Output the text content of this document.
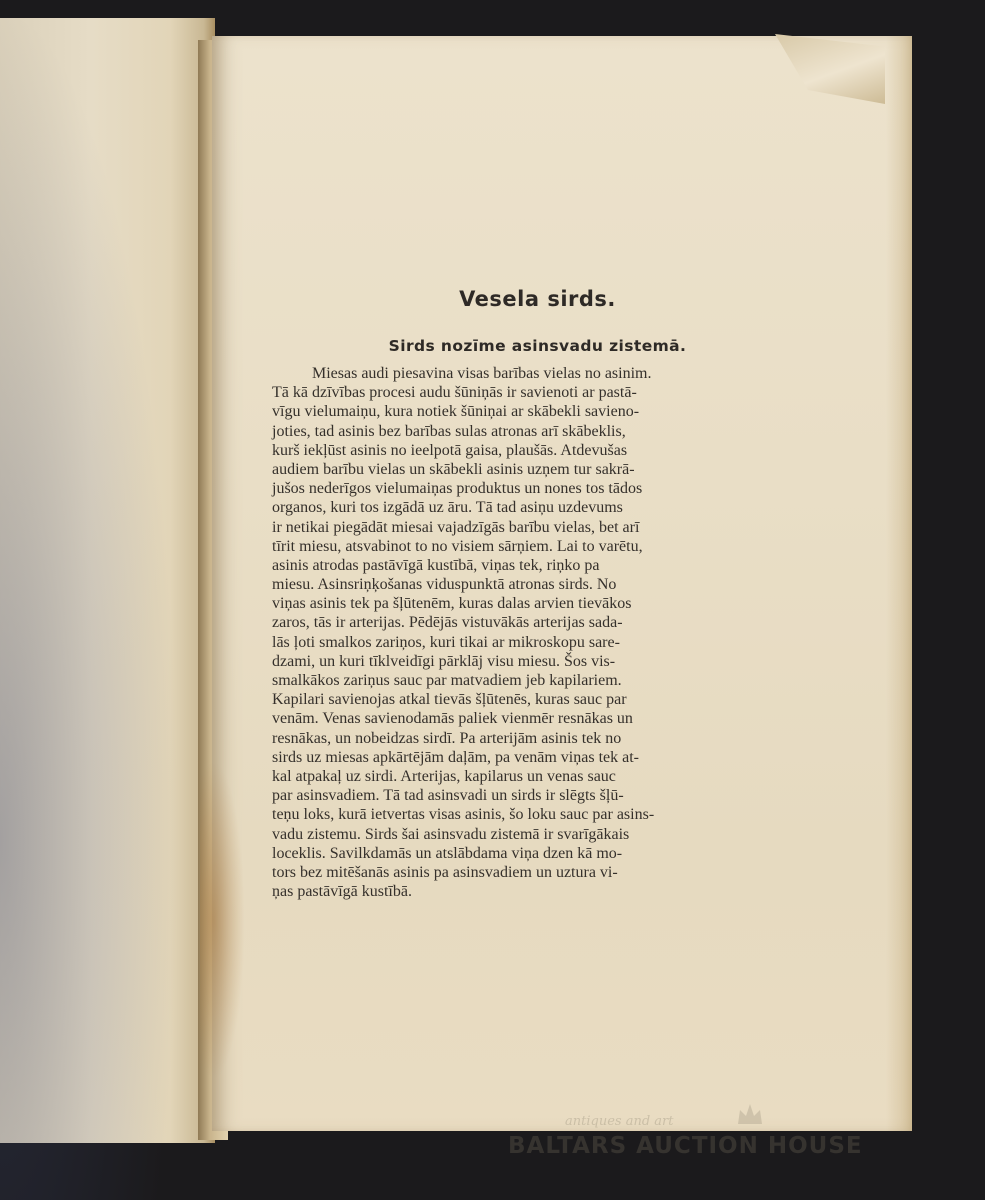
Vesela sirds.
Sirds nozīme asinsvadu zistemā.
Miesas audi piesavina visas barības vielas no asinim.
Tā kā dzīvības procesi audu šūniņās ir savienoti ar pastā-
vīgu vielumaiņu, kura notiek šūniņai ar skābekli savieno-
joties, tad asinis bez barības sulas atronas arī skābeklis,
kurš iekļūst asinis no ieelpotā gaisa, plaušās. Atdevušas
audiem barību vielas un skābekli asinis uzņem tur sakrā-
jušos nederīgos vielumaiņas produktus un nones tos tādos
organos, kuri tos izgādā uz āru. Tā tad asiņu uzdevums
ir netikai piegādāt miesai vajadzīgās barību vielas, bet arī
tīrit miesu, atsvabinot to no visiem sārņiem. Lai to varētu,
asinis atrodas pastāvīgā kustībā, viņas tek, riņko pa
miesu. Asinsriņķošanas viduspunktā atronas sirds. No
viņas asinis tek pa šļūtenēm, kuras dalas arvien tievākos
zaros, tās ir arterijas. Pēdējās vistuvākās arterijas sada-
lās ļoti smalkos zariņos, kuri tikai ar mikroskopu sare-
dzami, un kuri tīklveidīgi pārklāj visu miesu. Šos vis-
smalkākos zariņus sauc par matvadiem jeb kapilariem.
Kapilari savienojas atkal tievās šļūtenēs, kuras sauc par
venām. Venas savienodamās paliek vienmēr resnākas un
resnākas, un nobeidzas sirdī. Pa arterijām asinis tek no
sirds uz miesas apkārtējām daļām, pa venām viņas tek at-
kal atpakaļ uz sirdi. Arterijas, kapilarus un venas sauc
par asinsvadiem. Tā tad asinsvadi un sirds ir slēgts šļū-
teņu loks, kurā ietvertas visas asinis, šo loku sauc par asins-
vadu zistemu. Sirds šai asinsvadu zistemā ir svarīgākais
loceklis. Savilkdamās un atslābdama viņa dzen kā mo-
tors bez mitēšanās asinis pa asinsvadiem un uztura vi-
ņas pastāvīgā kustībā.
antiques and art
BALTARS AUCTION HOUSE
